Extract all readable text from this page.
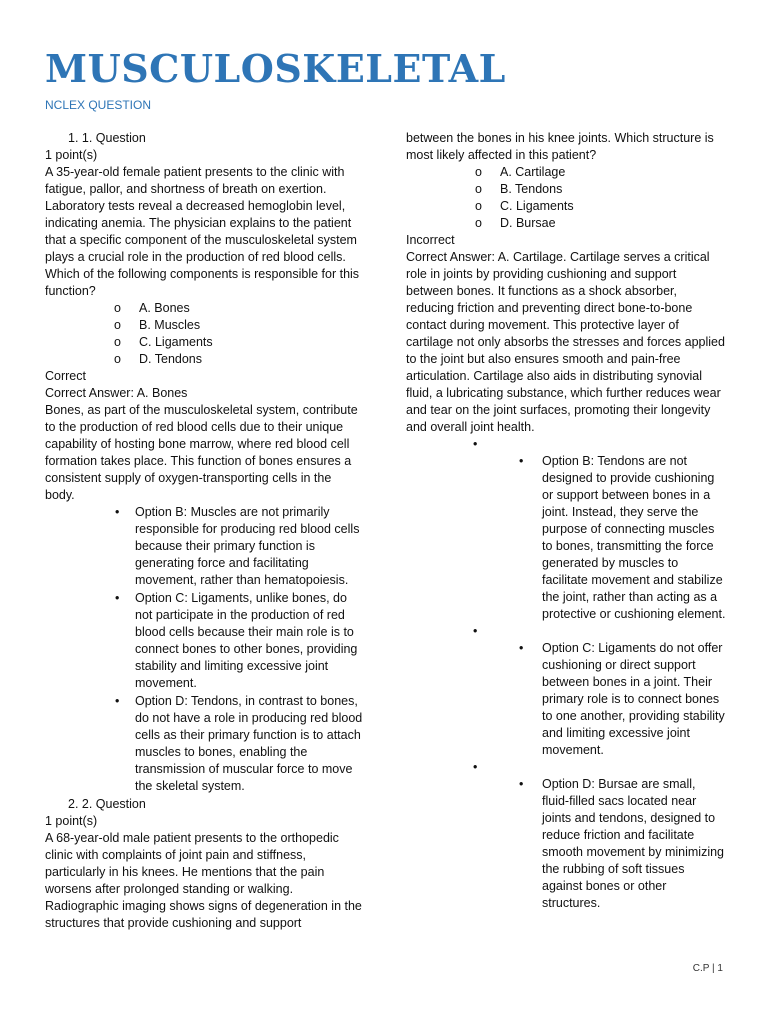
MUSCULOSKELETAL
NCLEX QUESTION

1. 1. Question

1 point(s)

A 35-year-old female patient presents to the clinic with fatigue, pallor, and shortness of breath on exertion. Laboratory tests reveal a decreased hemoglobin level, indicating anemia. The physician explains to the patient that a specific component of the musculoskeletal system plays a crucial role in the production of red blood cells. Which of the following components is responsible for this function?

o A. Bones
o B. Muscles
o C. Ligaments
o D. Tendons

Correct

Correct Answer: A. Bones

Bones, as part of the musculoskeletal system, contribute to the production of red blood cells due to their unique capability of hosting bone marrow, where red blood cell formation takes place. This function of bones ensures a consistent supply of oxygen-transporting cells in the body.

• Option B: Muscles are not primarily responsible for producing red blood cells because their primary function is generating force and facilitating movement, rather than hematopoiesis.
• Option C: Ligaments, unlike bones, do not participate in the production of red blood cells because their main role is to connect bones to other bones, providing stability and limiting excessive joint movement.
• Option D: Tendons, in contrast to bones, do not have a role in producing red blood cells as their primary function is to attach muscles to bones, enabling the transmission of muscular force to move the skeletal system.

2. 2. Question

1 point(s)

A 68-year-old male patient presents to the orthopedic clinic with complaints of joint pain and stiffness, particularly in his knees. He mentions that the pain worsens after prolonged standing or walking. Radiographic imaging shows signs of degeneration in the structures that provide cushioning and support

between the bones in his knee joints. Which structure is most likely affected in this patient?

o A. Cartilage
o B. Tendons
o C. Ligaments
o D. Bursae

Incorrect

Correct Answer: A. Cartilage. Cartilage serves a critical role in joints by providing cushioning and support between bones. It functions as a shock absorber, reducing friction and preventing direct bone-to-bone contact during movement. This protective layer of cartilage not only absorbs the stresses and forces applied to the joint but also ensures smooth and pain-free articulation. Cartilage also aids in distributing synovial fluid, a lubricating substance, which further reduces wear and tear on the joint surfaces, promoting their longevity and overall joint health.

•
• Option B: Tendons are not designed to provide cushioning or support between bones in a joint. Instead, they serve the purpose of connecting muscles to bones, transmitting the force generated by muscles to facilitate movement and stabilize the joint, rather than acting as a protective or cushioning element.
•
• Option C: Ligaments do not offer cushioning or direct support between bones in a joint. Their primary role is to connect bones to one another, providing stability and limiting excessive joint movement.
•
• Option D: Bursae are small, fluid-filled sacs located near joints and tendons, designed to reduce friction and facilitate smooth movement by minimizing the rubbing of soft tissues against bones or other structures.
C.P | 1
